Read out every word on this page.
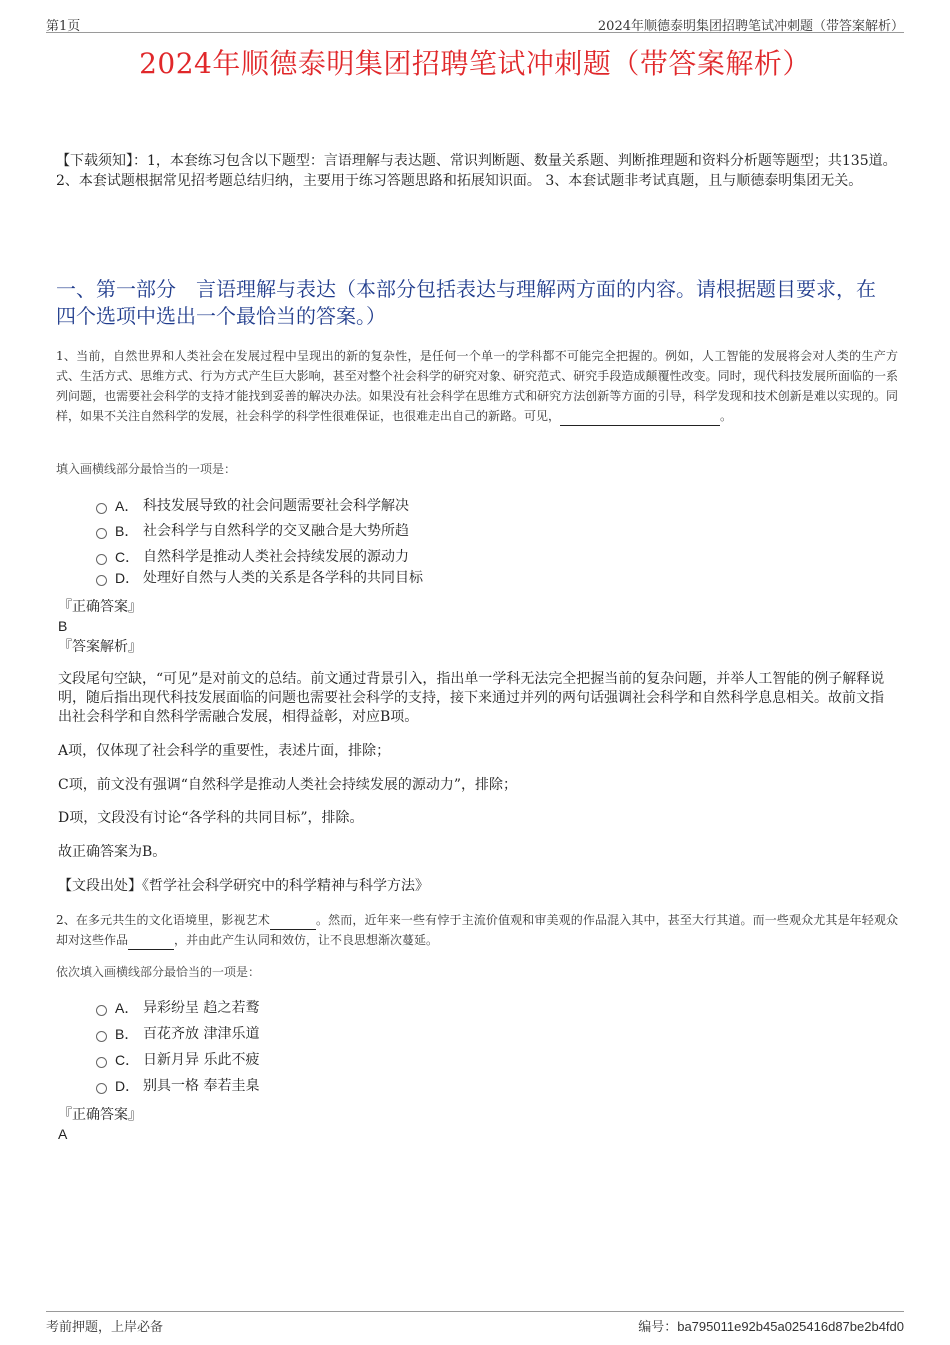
第1页	2024年顺德泰明集团招聘笔试冲刺题（带答案解析）
2024年顺德泰明集团招聘笔试冲刺题（带答案解析）
【下载须知】：1，本套练习包含以下题型：言语理解与表达题、常识判断题、数量关系题、判断推理题和资料分析题等题型；共135道。 2、本套试题根据常见招考题总结归纳，主要用于练习答题思路和拓展知识面。 3、本套试题非考试真题，且与顺德泰明集团无关。
一、第一部分　言语理解与表达（本部分包括表达与理解两方面的内容。请根据题目要求，在四个选项中选出一个最恰当的答案。）
1、当前，自然世界和人类社会在发展过程中呈现出的新的复杂性，是任何一个单一的学科都不可能完全把握的。例如，人工智能的发展将会对人类的生产方式、生活方式、思维方式、行为方式产生巨大影响，甚至对整个社会科学的研究对象、研究范式、研究手段造成颠覆性改变。同时，现代科技发展所面临的一系列问题，也需要社会科学的支持才能找到妥善的解决办法。如果没有社会科学在思维方式和研究方法创新等方面的引导，科学发现和技术创新是难以实现的。同样，如果不关注自然科学的发展，社会科学的科学性很难保证，也很难走出自己的新路。可见，	。
填入画横线部分最恰当的一项是：
A． 科技发展导致的社会问题需要社会科学解决
B． 社会科学与自然科学的交叉融合是大势所趋
C． 自然科学是推动人类社会持续发展的源动力
D． 处理好自然与人类的关系是各学科的共同目标
『正确答案』
B
『答案解析』
文段尾句空缺，“可见”是对前文的总结。前文通过背景引入，指出单一学科无法完全把握当前的复杂问题，并举人工智能的例子解释说明，随后指出现代科技发展面临的问题也需要社会科学的支持，接下来通过并列的两句话强调社会科学和自然科学息息相关。故前文指出社会科学和自然科学需融合发展，相得益彰，对应B项。
A项，仅体现了社会科学的重要性，表述片面，排除；
C项，前文没有强调“自然科学是推动人类社会持续发展的源动力”，排除；
D项，文段没有讨论“各学科的共同目标”，排除。
故正确答案为B。
【文段出处】《哲学社会科学研究中的科学精神与科学方法》
2、在多元共生的文化语境里，影视艺术	。然而，近年来一些有悖于主流价值观和审美观的作品混入其中，甚至大行其道。而一些观众尤其是年轻观众却对这些作品	，并由此产生认同和效仿，让不良思想渐次蔓延。
依次填入画横线部分最恰当的一项是：
A． 异彩纷呈 趋之若鹜
B． 百花齐放 津津乐道
C． 日新月异 乐此不疲
D． 别具一格 奉若圭臬
『正确答案』
A
考前押题，上岸必备	编号：ba795011e92b45a025416d87be2b4fd0
